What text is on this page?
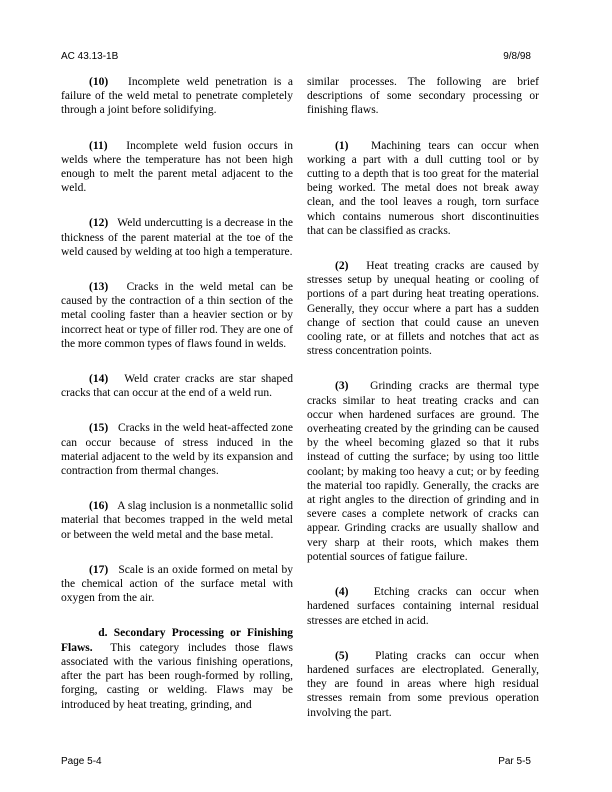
AC 43.13-1B	9/8/98

(10) Incomplete weld penetration is a failure of the weld metal to penetrate completely through a joint before solidifying.

(11) Incomplete weld fusion occurs in welds where the temperature has not been high enough to melt the parent metal adjacent to the weld.

(12) Weld undercutting is a decrease in the thickness of the parent material at the toe of the weld caused by welding at too high a temperature.

(13) Cracks in the weld metal can be caused by the contraction of a thin section of the metal cooling faster than a heavier section or by incorrect heat or type of filler rod. They are one of the more common types of flaws found in welds.

(14) Weld crater cracks are star shaped cracks that can occur at the end of a weld run.

(15) Cracks in the weld heat-affected zone can occur because of stress induced in the material adjacent to the weld by its expansion and contraction from thermal changes.

(16) A slag inclusion is a nonmetallic solid material that becomes trapped in the weld metal or between the weld metal and the base metal.

(17) Scale is an oxide formed on metal by the chemical action of the surface metal with oxygen from the air.

d. Secondary Processing or Finishing Flaws. This category includes those flaws associated with the various finishing operations, after the part has been rough-formed by rolling, forging, casting or welding. Flaws may be introduced by heat treating, grinding, and

similar processes. The following are brief descriptions of some secondary processing or finishing flaws.

(1) Machining tears can occur when working a part with a dull cutting tool or by cutting to a depth that is too great for the material being worked. The metal does not break away clean, and the tool leaves a rough, torn surface which contains numerous short discontinuities that can be classified as cracks.

(2) Heat treating cracks are caused by stresses setup by unequal heating or cooling of portions of a part during heat treating operations. Generally, they occur where a part has a sudden change of section that could cause an uneven cooling rate, or at fillets and notches that act as stress concentration points.

(3) Grinding cracks are thermal type cracks similar to heat treating cracks and can occur when hardened surfaces are ground. The overheating created by the grinding can be caused by the wheel becoming glazed so that it rubs instead of cutting the surface; by using too little coolant; by making too heavy a cut; or by feeding the material too rapidly. Generally, the cracks are at right angles to the direction of grinding and in severe cases a complete network of cracks can appear. Grinding cracks are usually shallow and very sharp at their roots, which makes them potential sources of fatigue failure.

(4) Etching cracks can occur when hardened surfaces containing internal residual stresses are etched in acid.

(5) Plating cracks can occur when hardened surfaces are electroplated. Generally, they are found in areas where high residual stresses remain from some previous operation involving the part.

Page 5-4	Par 5-5
